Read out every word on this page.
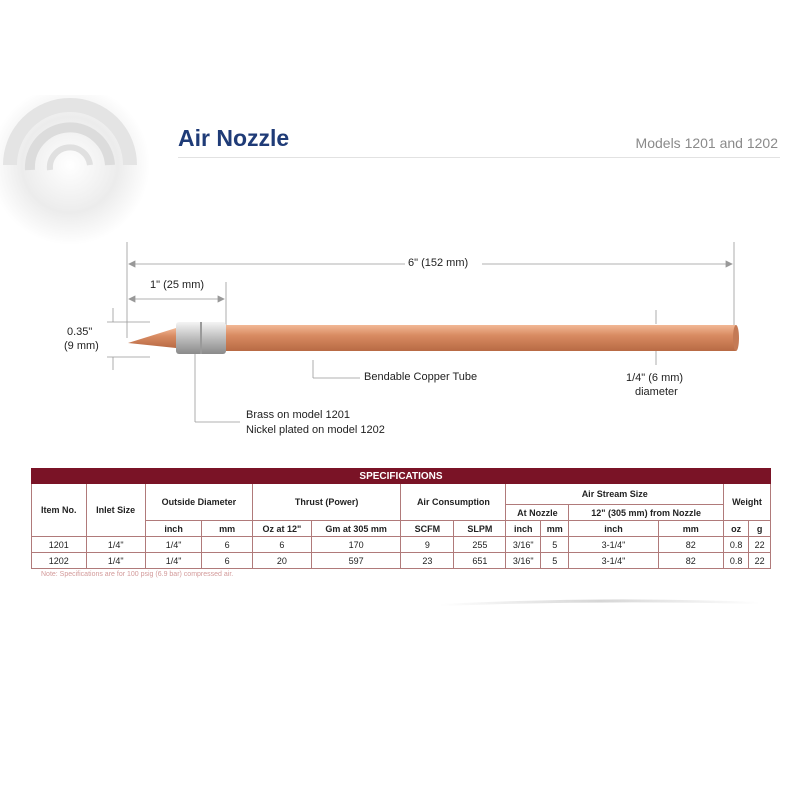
Air Nozzle	Models 1201 and 1202
6" (152 mm)
1" (25 mm)
0.35"
(9 mm)
Bendable Copper Tube	1/4" (6 mm)
diameter
Brass on model 1201
Nickel plated on model 1202
SPECIFICATIONS													
Item No.	Inlet Size	Outside Diameter		Thrust (Power)		Air Consumption		Air Stream Size				Weight	
								At Nozzle		12" (305 mm) from Nozzle			
		inch	mm	Oz at 12"	Gm at 305 mm	SCFM	SLPM	inch	mm	inch	mm	oz	g
1201	1/4"	1/4"	6	6	170	9	255	3/16"	5	3-1/4"	82	0.8	22
1202	1/4"	1/4"	6	20	597	23	651	3/16"	5	3-1/4"	82	0.8	22
Note: Specifications are for 100 psig (6.9 bar) compressed air.
